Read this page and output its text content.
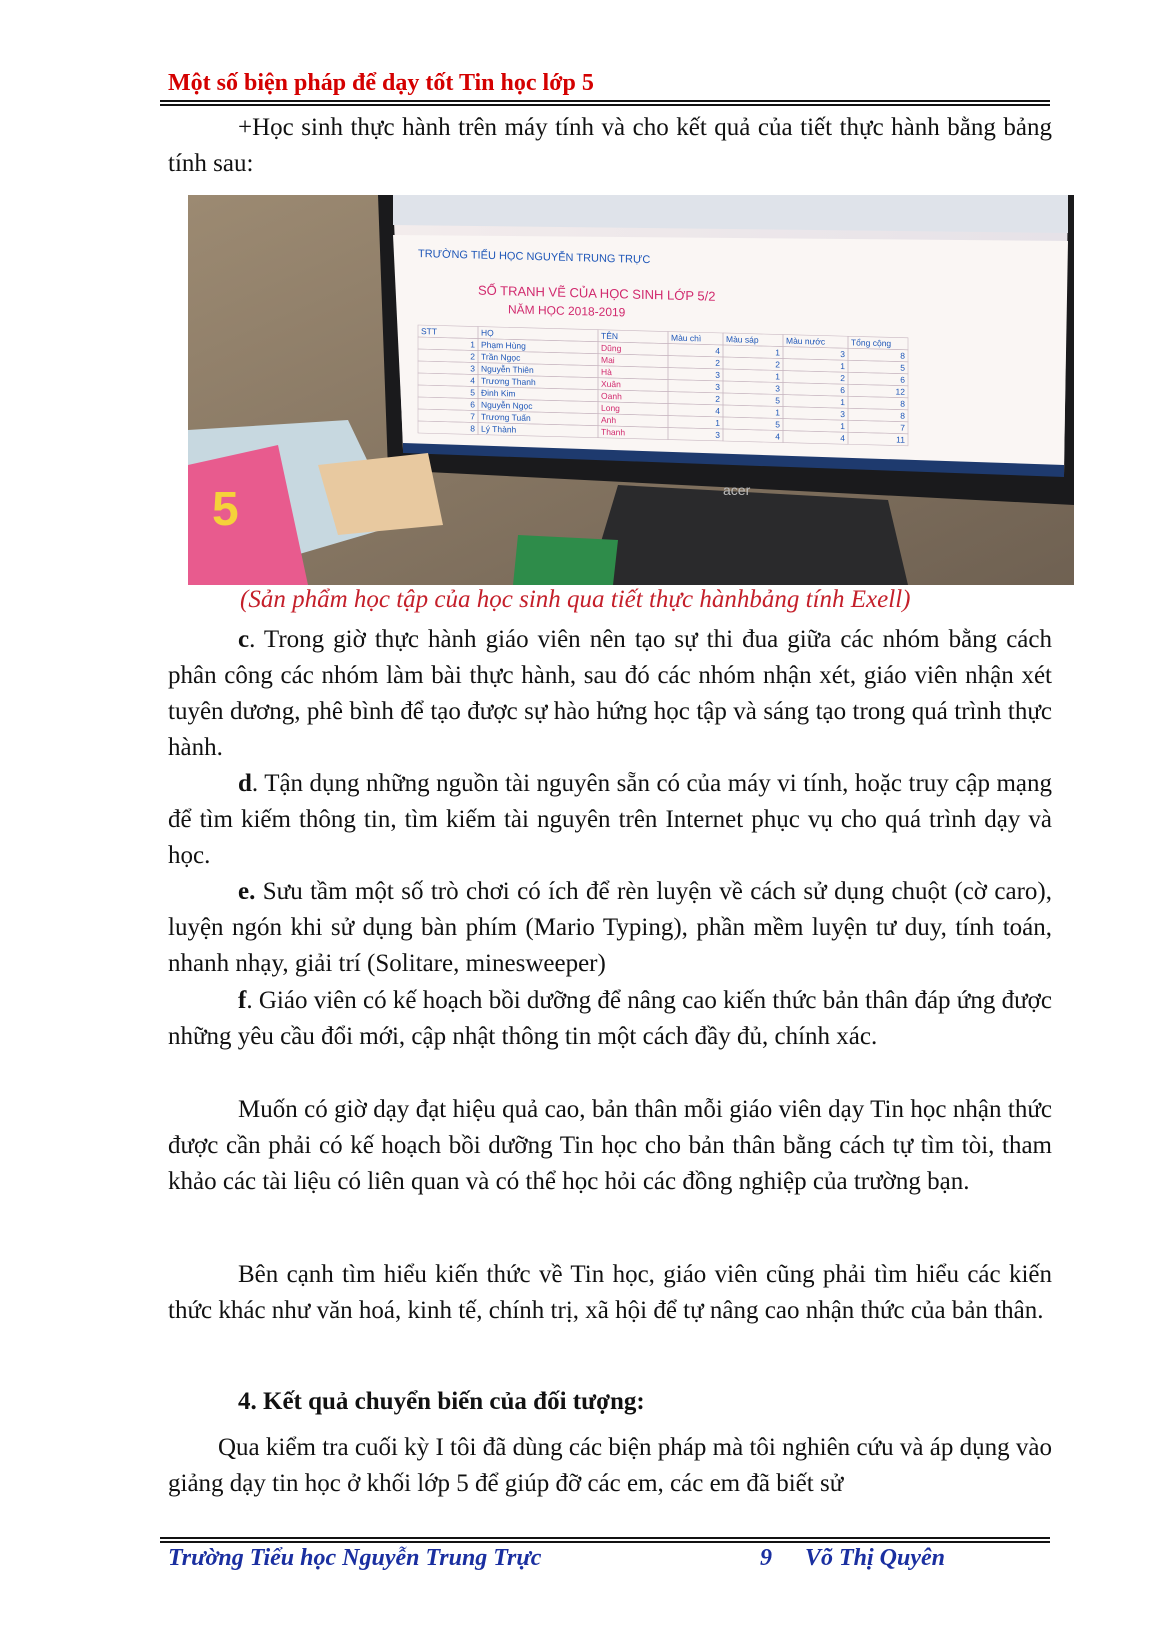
Một số biện pháp để dạy tốt Tin học lớp 5
+Học sinh thực hành trên máy tính và cho kết quả của tiết thực hành bằng bảng tính sau:
5	acer
TRƯỜNG TIỂU HỌC NGUYỄN TRUNG TRỰC
SỐ TRANH VẼ CỦA HỌC SINH LỚP 5/2
NĂM HỌC 2018-2019
STT	HỌ	TÊN	Màu chì	Màu sáp	Màu nước	Tổng cộng
1 Phạm Hùng	Dũng	4	1	3	8
2 Trần Ngọc	Mai	2	2	1	5
3 Nguyễn Thiên	Hà	3	1	2	6
4 Trương Thanh	Xuân	3	3	6	12
5 Đinh Kim	Oanh	2	5	1	8
6 Nguyễn Ngọc	Long	4	1	3	8
7 Trương Tuấn	Anh	1	5	1	7
8 Lý Thành	Thanh	3	4	4	11
(Sản phẩm học tập của học sinh qua tiết thực hànhbảng tính Exell)
c. Trong giờ thực hành giáo viên nên tạo sự thi đua giữa các nhóm bằng cách phân công các nhóm làm bài thực hành, sau đó các nhóm nhận xét, giáo viên nhận xét tuyên dương, phê bình để tạo được sự hào hứng học tập và sáng tạo trong quá trình thực hành.
d. Tận dụng những nguồn tài nguyên sẵn có của máy vi tính, hoặc truy cập mạng để tìm kiếm thông tin, tìm kiếm tài nguyên trên Internet phục vụ cho quá trình dạy và học.
e. Sưu tầm một số trò chơi có ích để rèn luyện về cách sử dụng chuột (cờ caro), luyện ngón khi sử dụng bàn phím (Mario Typing), phần mềm luyện tư duy, tính toán, nhanh nhạy, giải trí (Solitare, minesweeper)
f. Giáo viên có kế hoạch bồi dưỡng để nâng cao kiến thức bản thân đáp ứng được những yêu cầu đổi mới, cập nhật thông tin một cách đầy đủ, chính xác.
Muốn có giờ dạy đạt hiệu quả cao, bản thân mỗi giáo viên dạy Tin học nhận thức được cần phải có kế hoạch bồi dưỡng Tin học cho bản thân bằng cách tự tìm tòi, tham khảo các tài liệu có liên quan và có thể học hỏi các đồng nghiệp của trường bạn.
Bên cạnh tìm hiểu kiến thức về Tin học, giáo viên cũng phải tìm hiểu các kiến thức khác như văn hoá, kinh tế, chính trị, xã hội để tự nâng cao nhận thức của bản thân.
4. Kết quả chuyển biến của đối tượng:
Qua kiểm tra cuối kỳ I tôi đã dùng các biện pháp mà tôi nghiên cứu và áp dụng vào giảng dạy tin học ở khối lớp 5 để giúp đỡ các em, các em đã biết sử
Trường Tiểu học Nguyễn Trung Trực	9 Võ Thị Quyên
